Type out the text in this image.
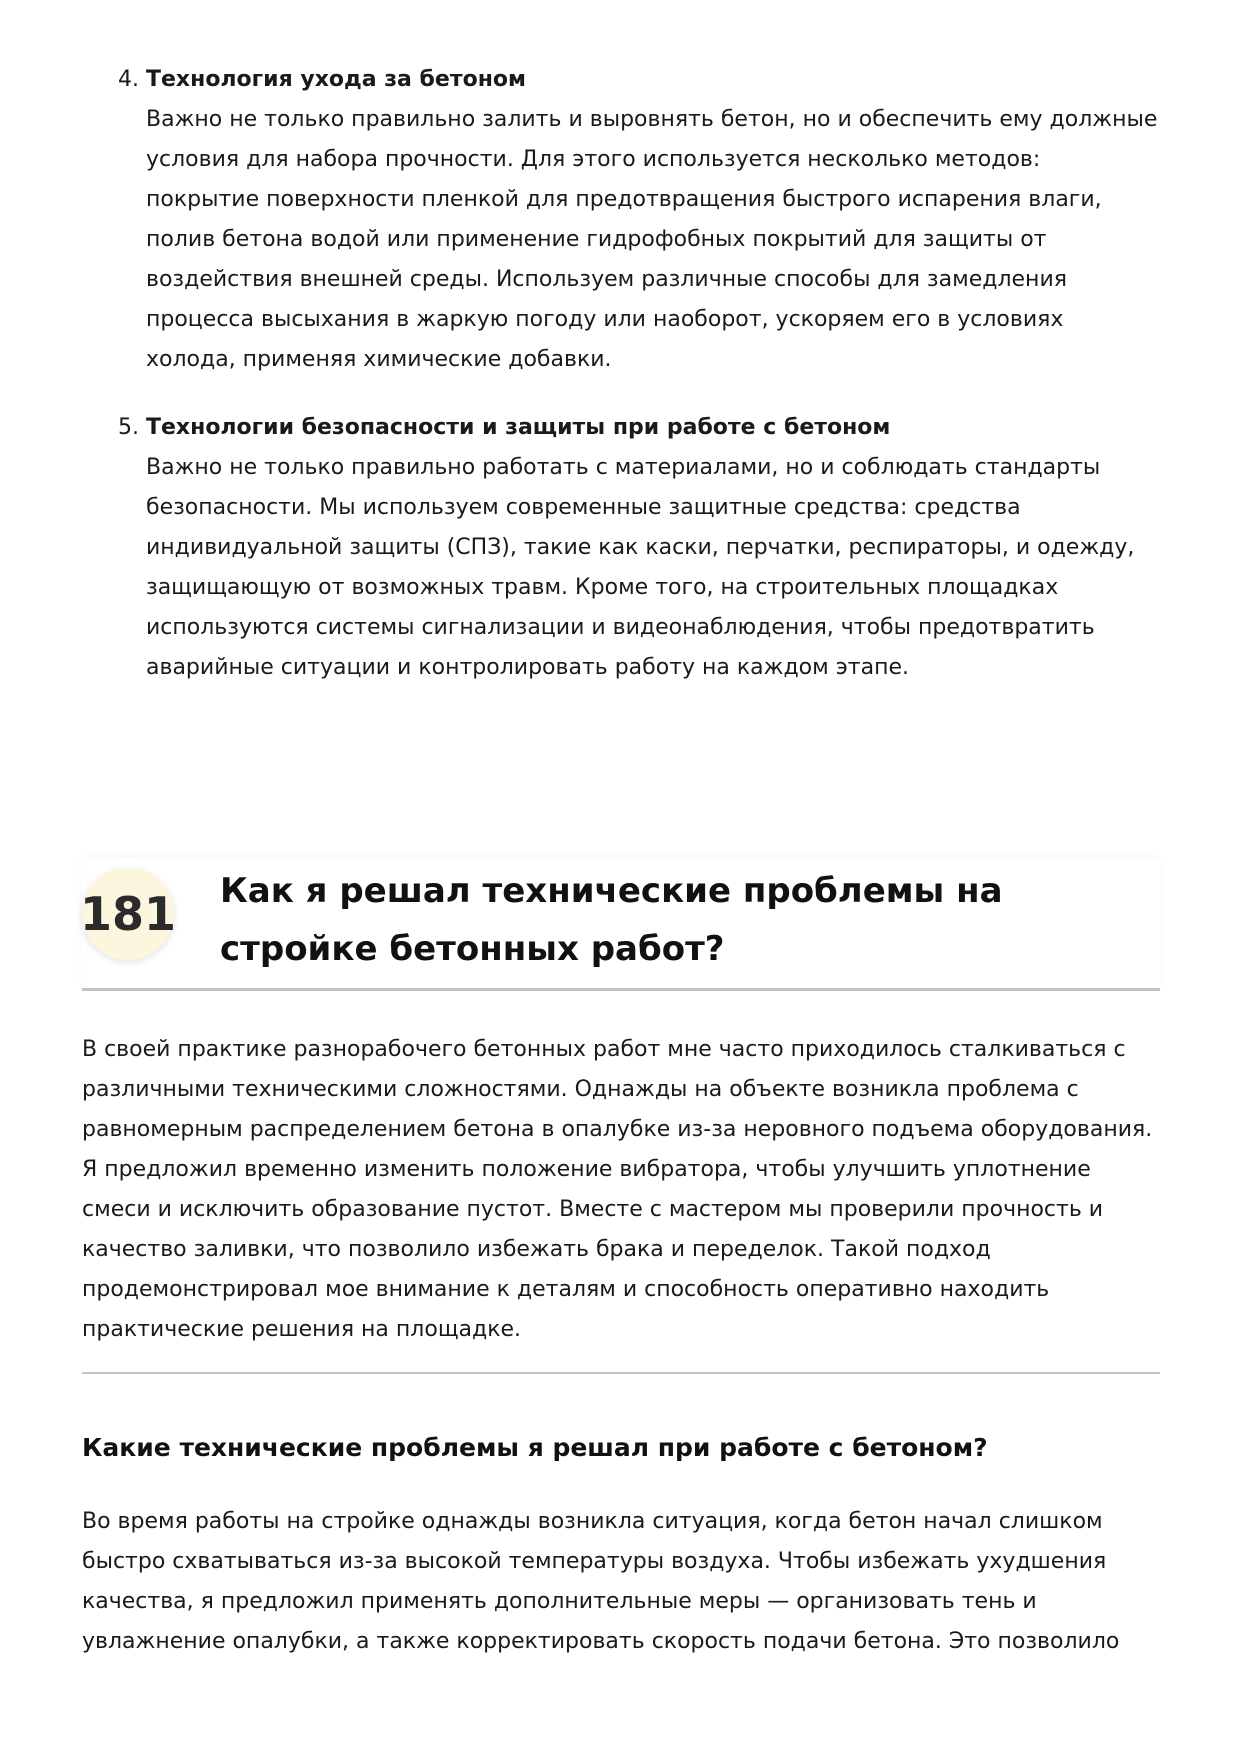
4. Технология ухода за бетоном
Важно не только правильно залить и выровнять бетон, но и обеспечить ему должные условия для набора прочности. Для этого используется несколько методов: покрытие поверхности пленкой для предотвращения быстрого испарения влаги, полив бетона водой или применение гидрофобных покрытий для защиты от воздействия внешней среды. Используем различные способы для замедления процесса высыхания в жаркую погоду или наоборот, ускоряем его в условиях холода, применяя химические добавки.
5. Технологии безопасности и защиты при работе с бетоном
Важно не только правильно работать с материалами, но и соблюдать стандарты безопасности. Мы используем современные защитные средства: средства индивидуальной защиты (СПЗ), такие как каски, перчатки, респираторы, и одежду, защищающую от возможных травм. Кроме того, на строительных площадках используются системы сигнализации и видеонаблюдения, чтобы предотвратить аварийные ситуации и контролировать работу на каждом этапе.
181 Как я решал технические проблемы на стройке бетонных работ?

В своей практике разнорабочего бетонных работ мне часто приходилось сталкиваться с различными техническими сложностями. Однажды на объекте возникла проблема с равномерным распределением бетона в опалубке из-за неровного подъема оборудования. Я предложил временно изменить положение вибратора, чтобы улучшить уплотнение смеси и исключить образование пустот. Вместе с мастером мы проверили прочность и качество заливки, что позволило избежать брака и переделок. Такой подход продемонстрировал мое внимание к деталям и способность оперативно находить практические решения на площадке.

Какие технические проблемы я решал при работе с бетоном?

Во время работы на стройке однажды возникла ситуация, когда бетон начал слишком быстро схватываться из-за высокой температуры воздуха. Чтобы избежать ухудшения качества, я предложил применять дополнительные меры — организовать тень и увлажнение опалубки, а также корректировать скорость подачи бетона. Это позволило
